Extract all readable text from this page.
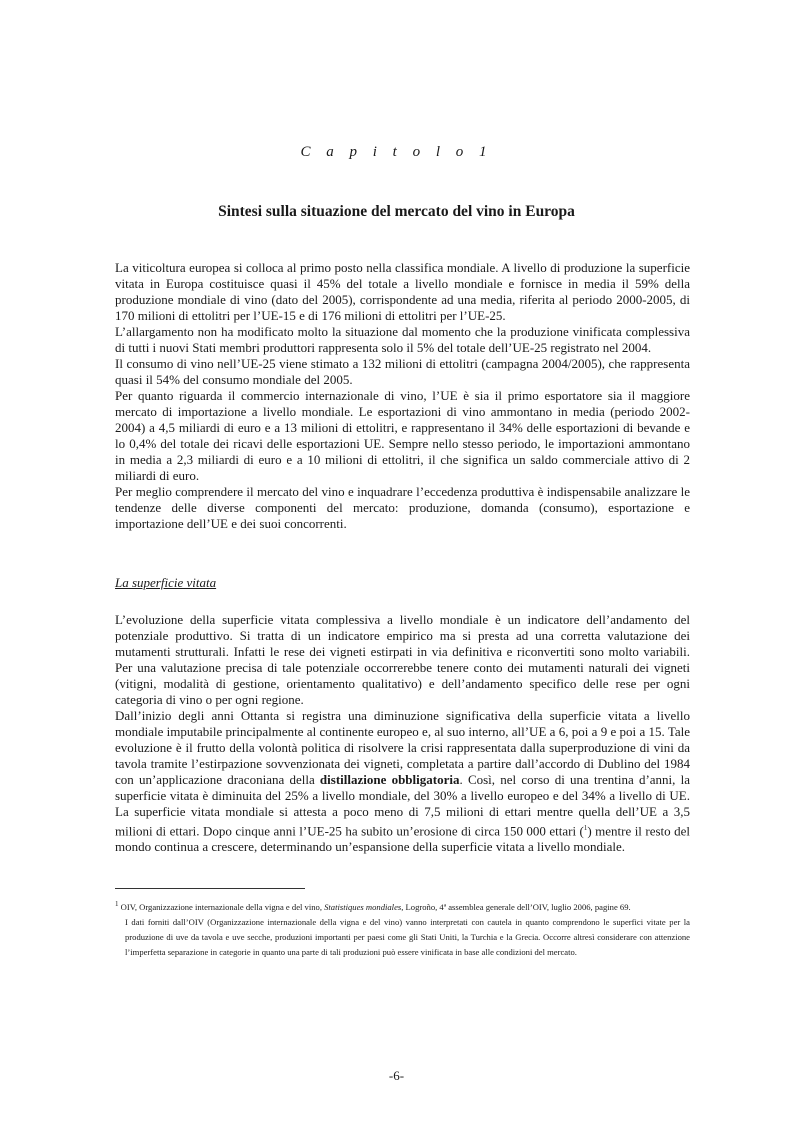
C a p i t o l o 1
Sintesi sulla situazione del mercato del vino in Europa

La viticoltura europea si colloca al primo posto nella classifica mondiale. A livello di produzione la superficie vitata in Europa costituisce quasi il 45% del totale a livello mondiale e fornisce in media il 59% della produzione mondiale di vino (dato del 2005), corrispondente ad una media, riferita al periodo 2000-2005, di 170 milioni di ettolitri per l’UE-15 e di 176 milioni di ettolitri per l’UE-25.

L’allargamento non ha modificato molto la situazione dal momento che la produzione vinificata complessiva di tutti i nuovi Stati membri produttori rappresenta solo il 5% del totale dell’UE-25 registrato nel 2004.

Il consumo di vino nell’UE-25 viene stimato a 132 milioni di ettolitri (campagna 2004/2005), che rappresenta quasi il 54% del consumo mondiale del 2005.

Per quanto riguarda il commercio internazionale di vino, l’UE è sia il primo esportatore sia il maggiore mercato di importazione a livello mondiale. Le esportazioni di vino ammontano in media (periodo 2002-2004) a 4,5 miliardi di euro e a 13 milioni di ettolitri, e rappresentano il 34% delle esportazioni di bevande e lo 0,4% del totale dei ricavi delle esportazioni UE. Sempre nello stesso periodo, le importazioni ammontano in media a 2,3 miliardi di euro e a 10 milioni di ettolitri, il che significa un saldo commerciale attivo di 2 miliardi di euro.

Per meglio comprendere il mercato del vino e inquadrare l’eccedenza produttiva è indispensabile analizzare le tendenze delle diverse componenti del mercato: produzione, domanda (consumo), esportazione e importazione dell’UE e dei suoi concorrenti.

La superficie vitata

L’evoluzione della superficie vitata complessiva a livello mondiale è un indicatore dell’andamento del potenziale produttivo. Si tratta di un indicatore empirico ma si presta ad una corretta valutazione dei mutamenti strutturali. Infatti le rese dei vigneti estirpati in via definitiva e riconvertiti sono molto variabili. Per una valutazione precisa di tale potenziale occorrerebbe tenere conto dei mutamenti naturali dei vigneti (vitigni, modalità di gestione, orientamento qualitativo) e dell’andamento specifico delle rese per ogni categoria di vino o per ogni regione.

Dall’inizio degli anni Ottanta si registra una diminuzione significativa della superficie vitata a livello mondiale imputabile principalmente al continente europeo e, al suo interno, all’UE a 6, poi a 9 e poi a 15. Tale evoluzione è il frutto della volontà politica di risolvere la crisi rappresentata dalla superproduzione di vini da tavola tramite l’estirpazione sovvenzionata dei vigneti, completata a partire dall’accordo di Dublino del 1984 con un’applicazione draconiana della distillazione obbligatoria. Così, nel corso di una trentina d’anni, la superficie vitata è diminuita del 25% a livello mondiale, del 30% a livello europeo e del 34% a livello di UE. La superficie vitata mondiale si attesta a poco meno di 7,5 milioni di ettari mentre quella dell’UE a 3,5 milioni di ettari. Dopo cinque anni l’UE-25 ha subito un’erosione di circa 150 000 ettari ($^1$) mentre il resto del mondo continua a crescere, determinando un’espansione della superficie vitata a livello mondiale.

$^1$ OIV, Organizzazione internazionale della vigna e del vino, Statistiques mondiales, Logroño, 4ª assemblea generale dell’OIV, luglio 2006, pagine 69.

I dati forniti dall’OIV (Organizzazione internazionale della vigna e del vino) vanno interpretati con cautela in quanto comprendono le superfici vitate per la produzione di uve da tavola e uve secche, produzioni importanti per paesi come gli Stati Uniti, la Turchia e la Grecia. Occorre altresì considerare con attenzione l’imperfetta separazione in categorie in quanto una parte di tali produzioni può essere vinificata in base alle condizioni del mercato.

-6-
